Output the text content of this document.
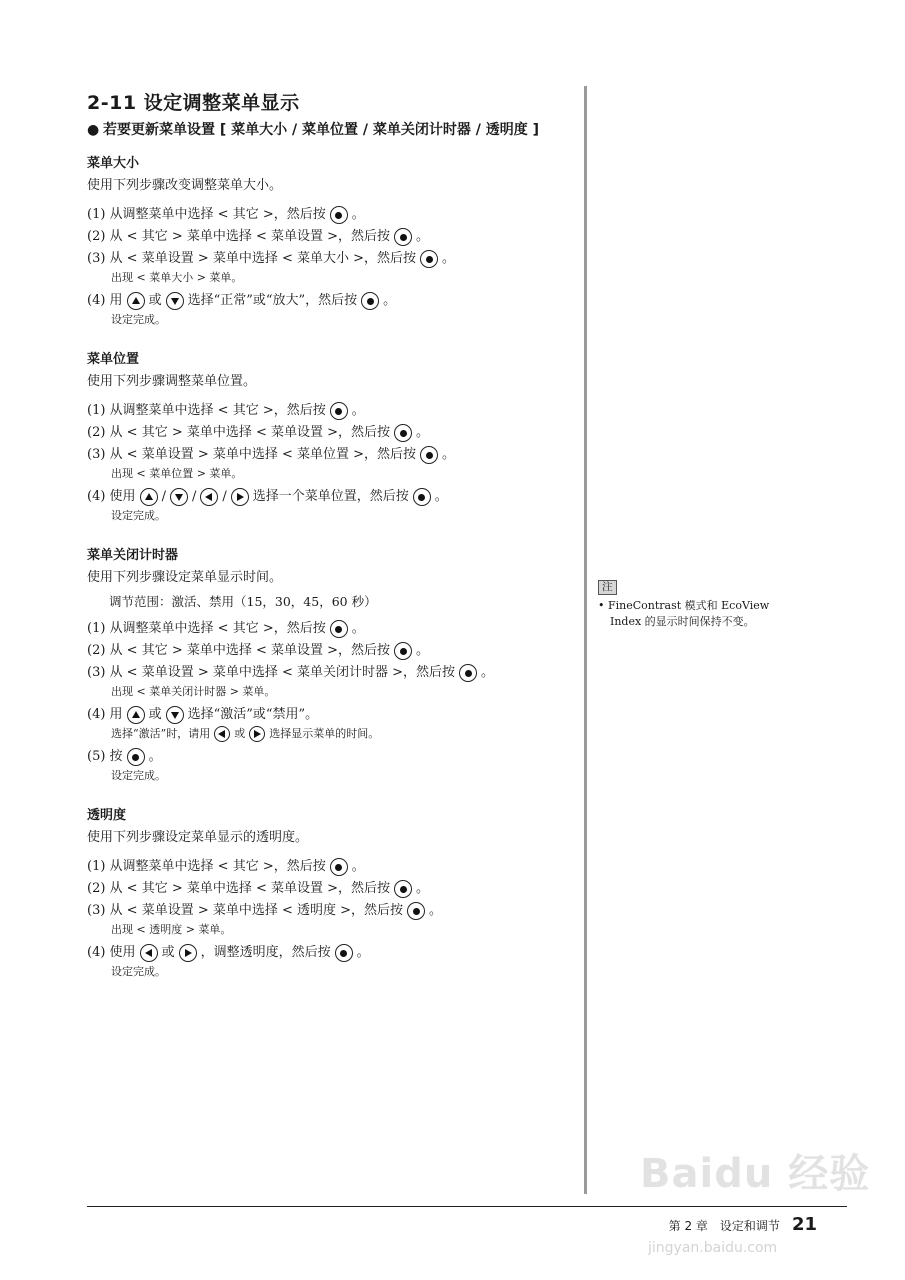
2-11 设定调整菜单显示
● 若要更新菜单设置 [ 菜单大小 / 菜单位置 / 菜单关闭计时器 / 透明度 ]
菜单大小
使用下列步骤改变调整菜单大小。
(1) 从调整菜单中选择 < 其它 >，然后按 。
(2) 从 < 其它 > 菜单中选择 < 菜单设置 >，然后按 。
(3) 从 < 菜单设置 > 菜单中选择 < 菜单大小 >，然后按 。
出现 < 菜单大小 > 菜单。
(4) 用 或 选择“正常”或“放大”，然后按 。
设定完成。
菜单位置
使用下列步骤调整菜单位置。
(1) 从调整菜单中选择 < 其它 >，然后按 。
(2) 从 < 其它 > 菜单中选择 < 菜单设置 >，然后按 。
(3) 从 < 菜单设置 > 菜单中选择 < 菜单位置 >，然后按 。
出现 < 菜单位置 > 菜单。
(4) 使用 / / / 选择一个菜单位置，然后按 。
设定完成。
菜单关闭计时器
使用下列步骤设定菜单显示时间。
调节范围：激活、禁用（15，30，45，60 秒）
(1) 从调整菜单中选择 < 其它 >，然后按 。
(2) 从 < 其它 > 菜单中选择 < 菜单设置 >，然后按 。
(3) 从 < 菜单设置 > 菜单中选择 < 菜单关闭计时器 >，然后按 。
出现 < 菜单关闭计时器 > 菜单。
(4) 用 或 选择“激活”或“禁用”。
选择“激活”时，请用 或 选择显示菜单的时间。
(5) 按 。
设定完成。
透明度
使用下列步骤设定菜单显示的透明度。
(1) 从调整菜单中选择 < 其它 >，然后按 。
(2) 从 < 其它 > 菜单中选择 < 菜单设置 >，然后按 。
(3) 从 < 菜单设置 > 菜单中选择 < 透明度 >，然后按 。
出现 < 透明度 > 菜单。
(4) 使用 或 ，调整透明度，然后按 。
设定完成。
注
• FineContrast 模式和 EcoView
Index 的显示时间保持不变。
Baidu 经验
jingyan.baidu.com
第 2 章　设定和调节 21
